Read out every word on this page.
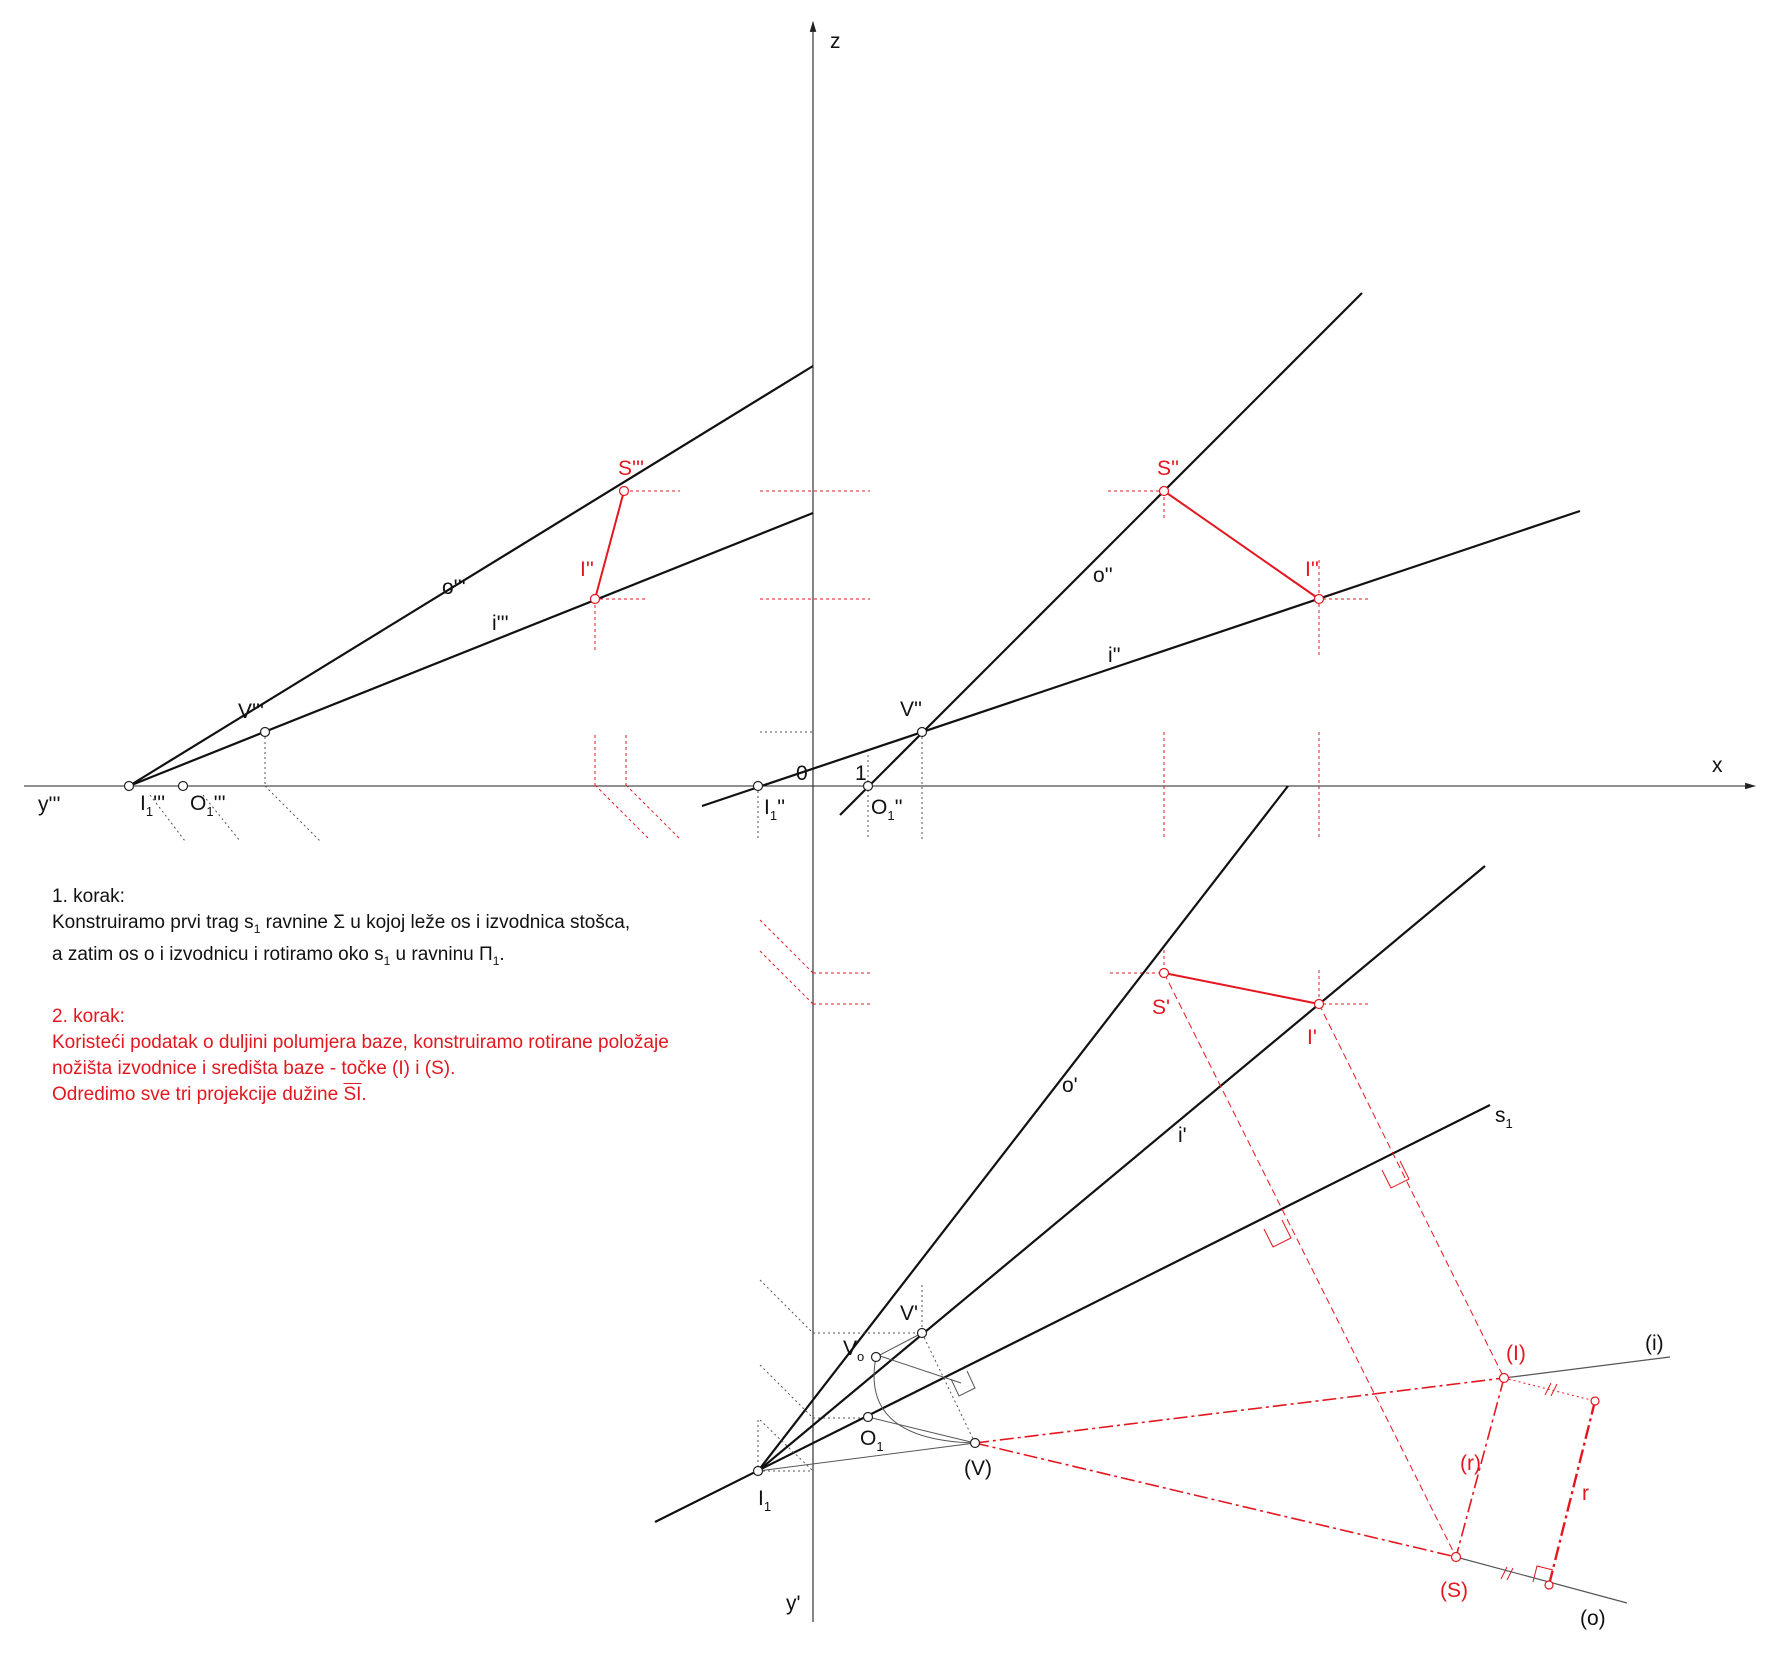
x
z
y'''
y'
0 1
o'''
i'''
V'''
S'''
I''
$I_1'''$ $O_1'''$
o''
i''
V''
S''
I''
$I_1''$	$O_1''$
o'
i'
$s_1$
V'
S'
I'
$V_o$
$O_1$
$I_1$
(V)
(I)
(S)
(i)
(o)
(r)
r

1. korak:

Konstruiramo prvi trag $s_1$ ravnine Σ u kojoj leže os i izvodnica stošca,

a zatim os o i izvodnicu i rotiramo oko $s_1$ u ravninu $\Pi_1$.

2. korak:

Koristeći podatak o duljini polumjera baze, konstruiramo rotirane položaje

nožišta izvodnice i središta baze - točke (I) i (S).

Odredimo sve tri projekcije dužine $\overline{SI}$.
